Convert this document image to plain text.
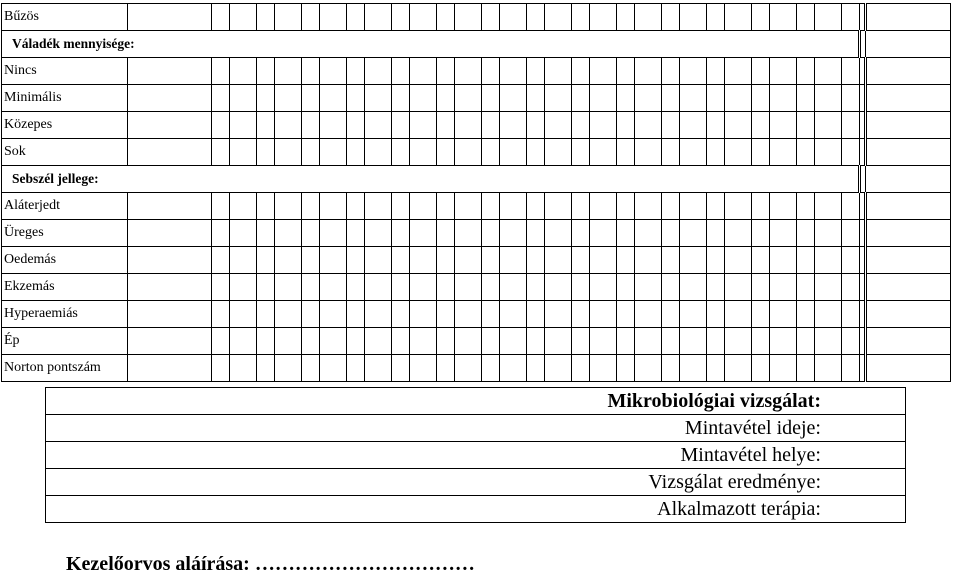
Bűzös																																
Váladék mennyisége:																																
Nincs																																
Minimális																																
Közepes																																
Sok																																
Sebszél jellege:																																
Aláterjedt																																
Üreges																																
Oedemás																																
Ekzemás																																
Hyperaemiás																																
Ép																																
Norton pontszám																																
Mikrobiológiai vizsgálat:
Mintavétel ideje:
Mintavétel helye:
Vizsgálat eredménye:
Alkalmazott terápia:
Kezelőorvos aláírása: ……………………………
